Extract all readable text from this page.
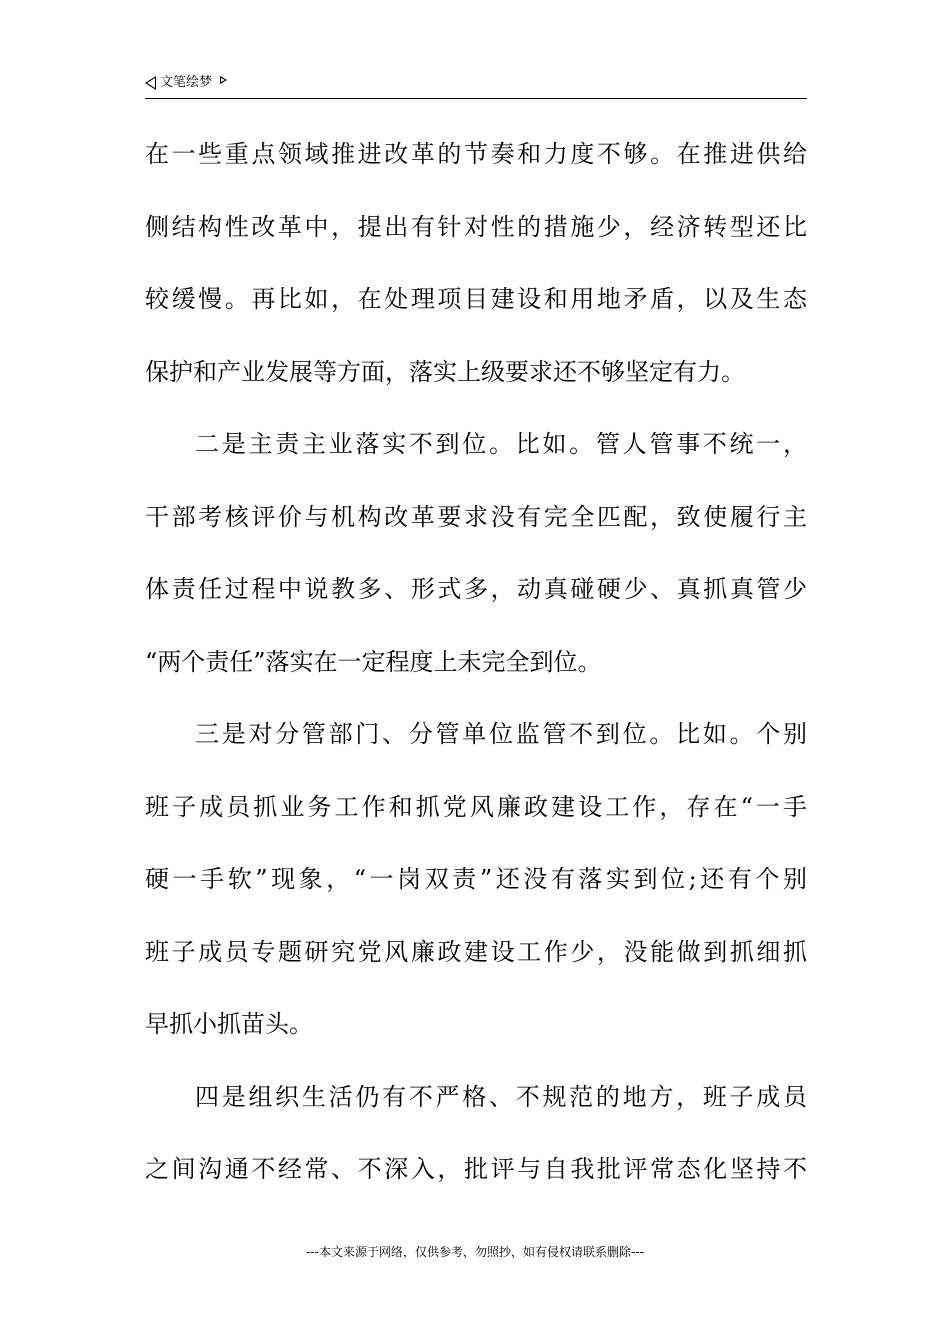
文笔绘梦
在一些重点领域推进改革的节奏和力度不够。在推进供给
侧结构性改革中，提出有针对性的措施少，经济转型还比
较缓慢。再比如，在处理项目建设和用地矛盾，以及生态
保护和产业发展等方面，落实上级要求还不够坚定有力。
二是主责主业落实不到位。比如。管人管事不统一，
干部考核评价与机构改革要求没有完全匹配，致使履行主
体责任过程中说教多、形式多，动真碰硬少、真抓真管少
“两个责任”落实在一定程度上未完全到位。
三是对分管部门、分管单位监管不到位。比如。个别
班子成员抓业务工作和抓党风廉政建设工作，存在“一手
硬一手软”现象，“一岗双责”还没有落实到位;还有个别
班子成员专题研究党风廉政建设工作少，没能做到抓细抓
早抓小抓苗头。
四是组织生活仍有不严格、不规范的地方，班子成员
之间沟通不经常、不深入，批评与自我批评常态化坚持不
---本文来源于网络，仅供参考，勿照抄，如有侵权请联系删除---
